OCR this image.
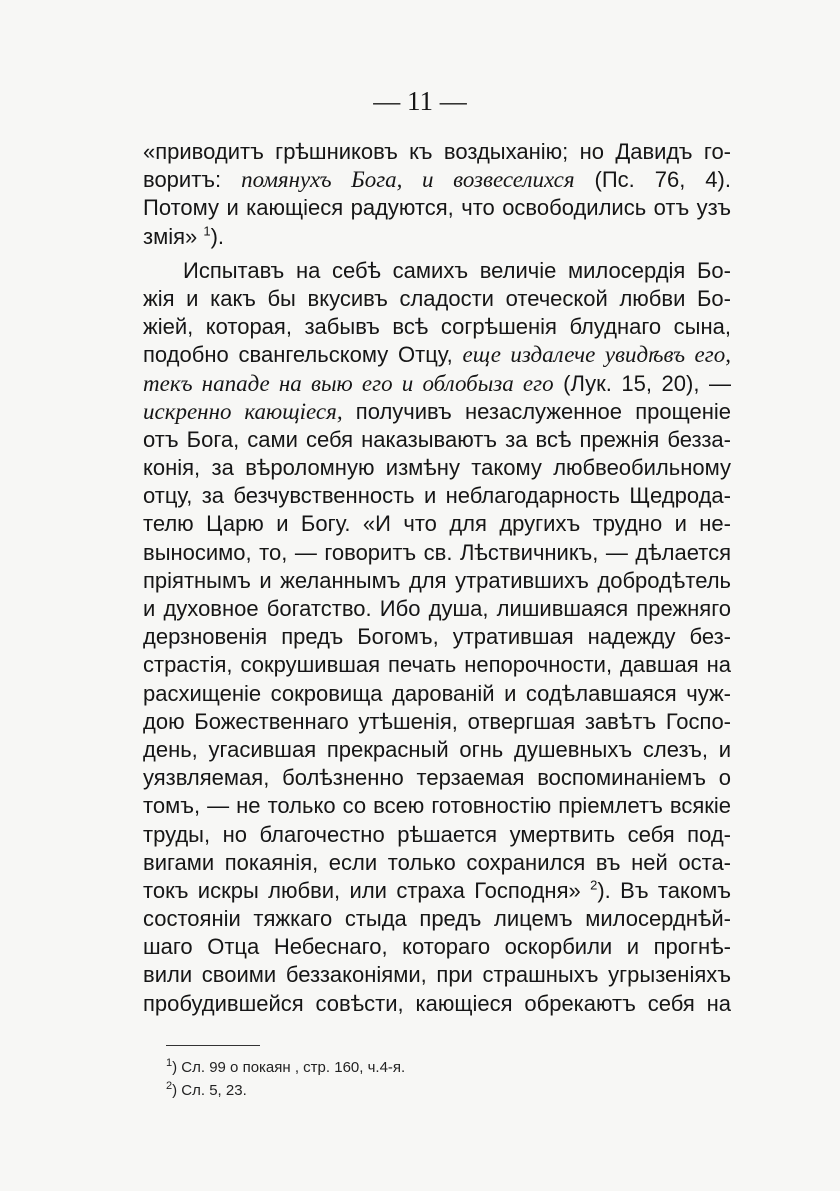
— 11 —
«приводитъ грѣшниковъ къ воздыханію; но Давидъ го-
воритъ: помянухъ Бога, и возвеселихся (Пс. 76, 4).
Потому и кающіеся радуются, что освободились отъ узъ
змія» $^1$).
Испытавъ на себѣ самихъ величіе милосердія Бо-
жія и какъ бы вкусивъ сладости отеческой любви Бо-
жіей, которая, забывъ всѣ согрѣшенія блуднаго сына,
подобно свангельскому Отцу, еще издалече увидѣвъ его,
текъ нападе на выю его и облобыза его (Лук. 15, 20), —
искренно кающіеся, получивъ незаслуженное прощеніе
отъ Бога, сами себя наказываютъ за всѣ прежнія безза-
конія, за вѣроломную измѣну такому любвеобильному
отцу, за безчувственность и неблагодарность Щедрода-
телю Царю и Богу. «И что для другихъ трудно и не-
выносимо, то, — говоритъ св. Лѣствичникъ, — дѣлается
пріятнымъ и желаннымъ для утратившихъ добродѣтель
и духовное богатство. Ибо душа, лишившаяся прежняго
дерзновенія предъ Богомъ, утратившая надежду без-
страстія, сокрушившая печать непорочности, давшая на
расхищеніе сокровища дарованій и содѣлавшаяся чуж-
дою Божественнаго утѣшенія, отвергшая завѣтъ Госпо-
день, угасившая прекрасный огнь душевныхъ слезъ, и
уязвляемая, болѣзненно терзаемая воспоминаніемъ о
томъ, — не только со всею готовностію пріемлетъ всякіе
труды, но благочестно рѣшается умертвить себя под-
вигами покаянія, если только сохранился въ ней оста-
токъ искры любви, или страха Господня» $^2$). Въ такомъ
состояніи тяжкаго стыда предъ лицемъ милосерднѣй-
шаго Отца Небеснаго, котораго оскорбили и прогнѣ-
вили своими беззаконіями, при страшныхъ угрызеніяхъ
пробудившейся совѣсти, кающіеся обрекаютъ себя на
$^1$) Сл. 99 о покаян , стр. 160, ч.4-я.
$^2$) Сл. 5, 23.
